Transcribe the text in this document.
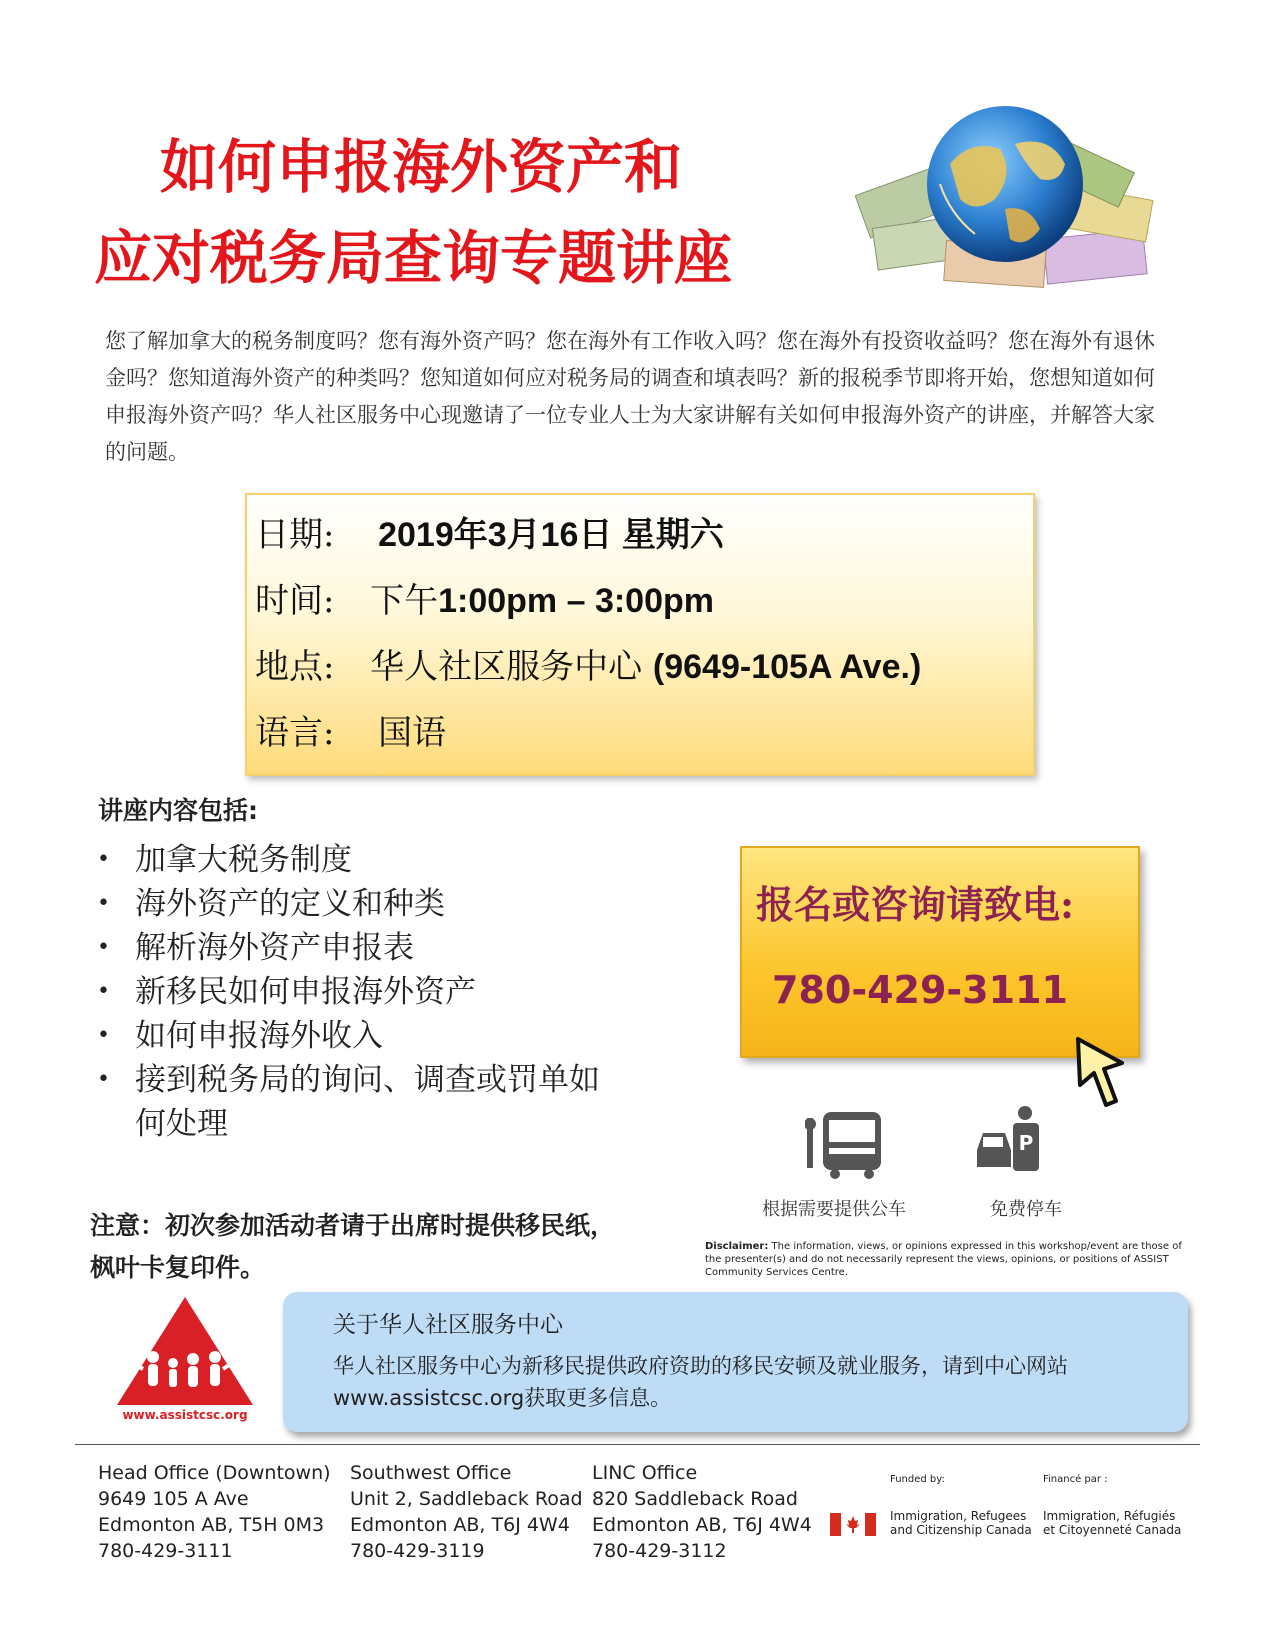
如何申报海外资产和
应对税务局查询专题讲座
您了解加拿大的税务制度吗？您有海外资产吗？您在海外有工作收入吗？您在海外有投资收益吗？您在海外有退休金吗？您知道海外资产的种类吗？您知道如何应对税务局的调查和填表吗？新的报税季节即将开始，您想知道如何申报海外资产吗？华人社区服务中心现邀请了一位专业人士为大家讲解有关如何申报海外资产的讲座，并解答大家的问题。
日期: 2019年3月16日 星期六
时间: 下午1:00pm – 3:00pm
地点: 华人社区服务中心 (9649-105A Ave.)
语言: 国语
讲座内容包括:
• 加拿大税务制度
• 海外资产的定义和种类
• 解析海外资产申报表
• 新移民如何申报海外资产
• 如何申报海外收入
• 接到税务局的询问、调查或罚单如何处理
报名或咨询请致电:
780-429-3111
P
根据需要提供公车	免费停车
注意：初次参加活动者请于出席时提供移民纸，枫叶卡复印件。
Disclaimer: The information, views, or opinions expressed in this workshop/event are those of the presenter(s) and do not necessarily represent the views, opinions, or positions of ASSIST Community Services Centre.
www.assistcsc.org
关于华人社区服务中心
华人社区服务中心为新移民提供政府资助的移民安顿及就业服务，请到中心网站www.assistcsc.org获取更多信息。
Head Office (Downtown)
9649 105 A Ave
Edmonton AB, T5H 0M3
780-429-3111
Southwest Office
Unit 2, Saddleback Road
Edmonton AB, T6J 4W4
780-429-3119
LINC Office
820 Saddleback Road
Edmonton AB, T6J 4W4
780-429-3112
Funded by:	Financé par :
Immigration, Refugees
and Citizenship Canada
Immigration, Réfugiés
et Citoyenneté Canada
